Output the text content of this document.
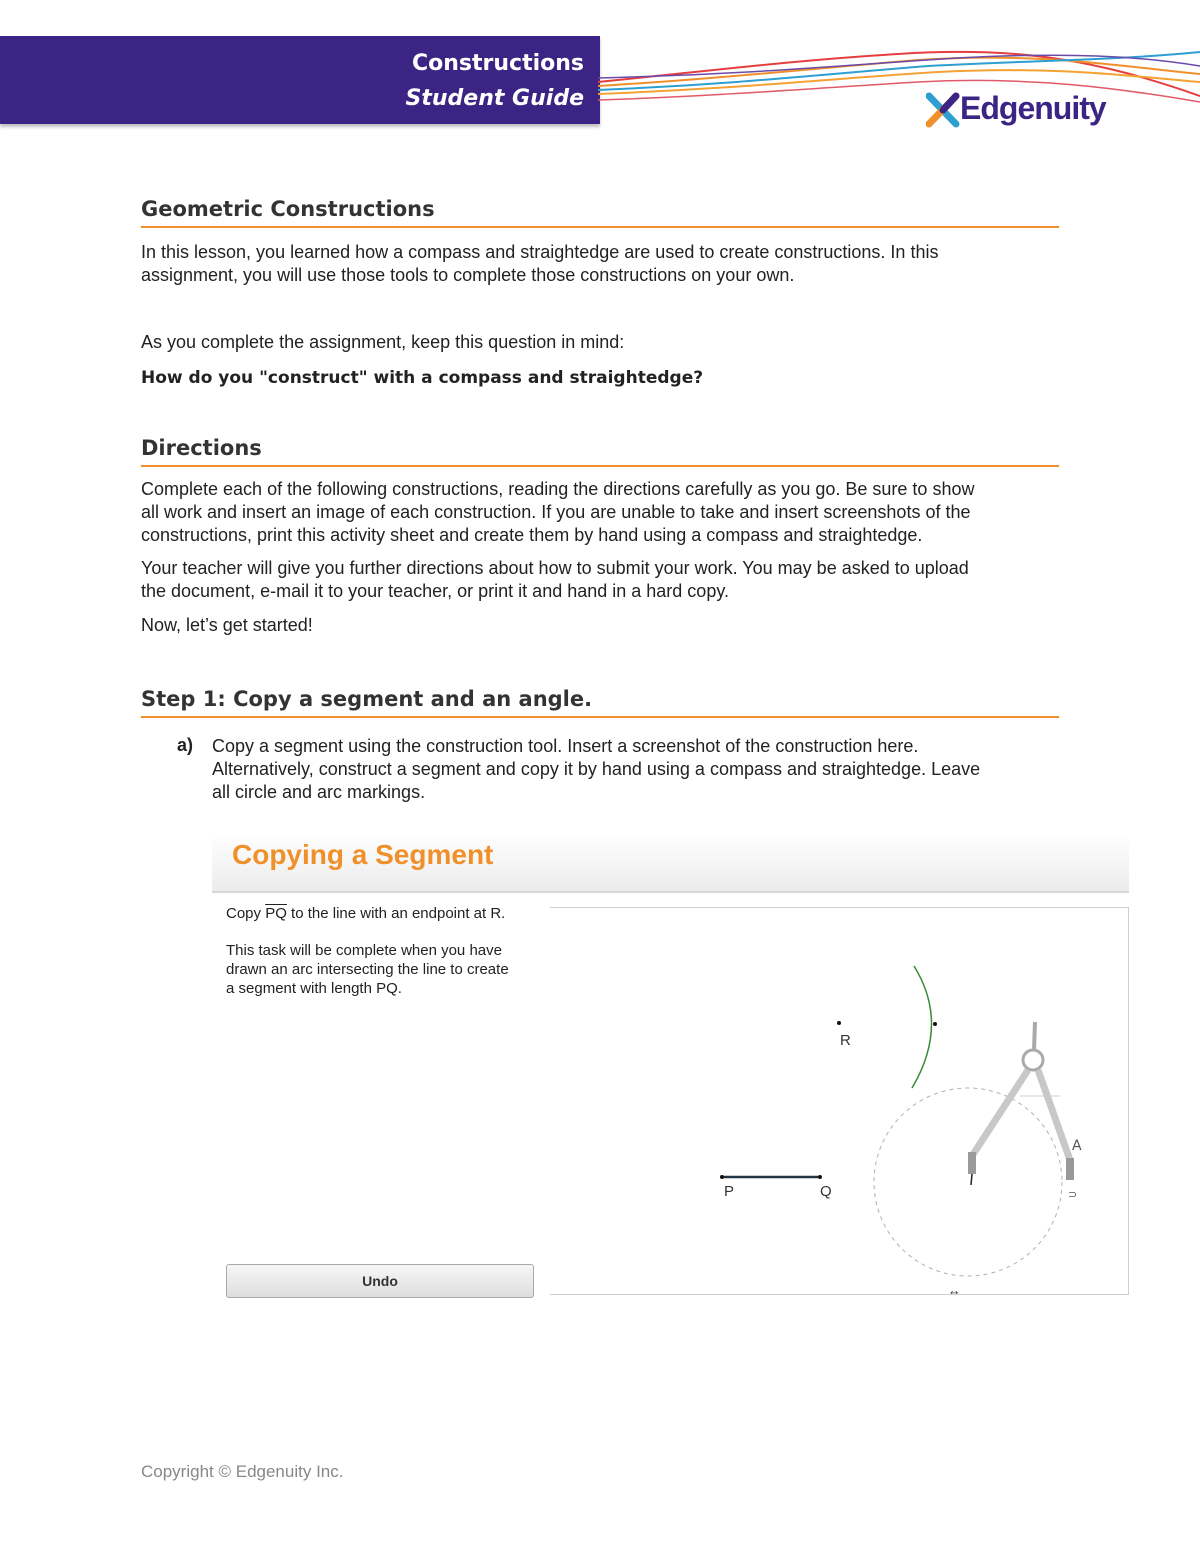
Constructions
Student Guide	Edgenuity
Geometric Constructions
In this lesson, you learned how a compass and straightedge are used to create constructions. In this
assignment, you will use those tools to complete those constructions on your own.
As you complete the assignment, keep this question in mind:
How do you "construct" with a compass and straightedge?
Directions
Complete each of the following constructions, reading the directions carefully as you go. Be sure to show
all work and insert an image of each construction. If you are unable to take and insert screenshots of the
constructions, print this activity sheet and create them by hand using a compass and straightedge.
Your teacher will give you further directions about how to submit your work. You may be asked to upload
the document, e-mail it to your teacher, or print it and hand in a hard copy.
Now, let’s get started!
Step 1: Copy a segment and an angle.
a) Copy a segment using the construction tool. Insert a screenshot of the construction here.
Alternatively, construct a segment and copy it by hand using a compass and straightedge. Leave
all circle and arc markings.
Copying a Segment
Copy $\overline{PQ}$ to the line with an endpoint at R.
This task will be complete when you have
drawn an arc intersecting the line to create
a segment with length PQ.
A
⊃
↔
R
P	Q
Undo
Copyright © Edgenuity Inc.
